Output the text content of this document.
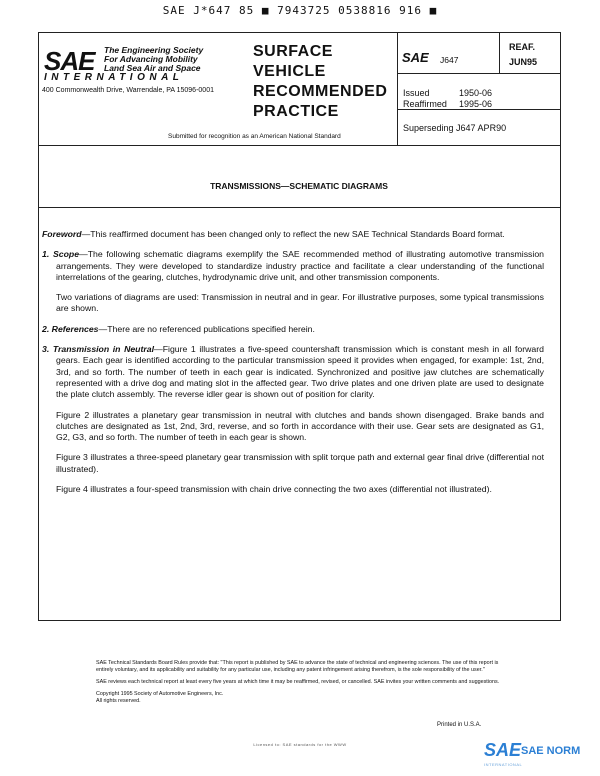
SAE J*647 85 ■ 7943725 0538816 916 ■
SAE The Engineering Society
For Advancing Mobility
Land Sea Air and Space
INTERNATIONAL
400 Commonwealth Drive, Warrendale, PA 15096-0001
SURFACE
VEHICLE
RECOMMENDED
PRACTICE
Submitted for recognition as an American National Standard
SAE J647
REAF.
JUN95
Issued	1950-06
Reaffirmed 1995-06
Superseding J647 APR90
TRANSMISSIONS—SCHEMATIC DIAGRAMS

Foreword—This reaffirmed document has been changed only to reflect the new SAE Technical Standards Board format.

1. Scope—The following schematic diagrams exemplify the SAE recommended method of illustrating automotive transmission arrangements. They were developed to standardize industry practice and facilitate a clear understanding of the functional interrelations of the gearing, clutches, hydrodynamic drive unit, and other transmission components.

Two variations of diagrams are used: Transmission in neutral and in gear. For illustrative purposes, some typical transmissions are shown.

2. References—There are no referenced publications specified herein.

3. Transmission in Neutral—Figure 1 illustrates a five-speed countershaft transmission which is constant mesh in all forward gears. Each gear is identified according to the particular transmission speed it provides when engaged, for example: 1st, 2nd, 3rd, and so forth. The number of teeth in each gear is indicated. Synchronized and positive jaw clutches are schematically represented with a drive dog and mating slot in the affected gear. Two drive plates and one driven plate are used to designate the plate clutch assembly. The reverse idler gear is shown out of position for clarity.

Figure 2 illustrates a planetary gear transmission in neutral with clutches and bands shown disengaged. Brake bands and clutches are designated as 1st, 2nd, 3rd, reverse, and so forth in accordance with their use. Gear sets are designated as G1, G2, G3, and so forth. The number of teeth in each gear is shown.

Figure 3 illustrates a three-speed planetary gear transmission with split torque path and external gear final drive (differential not illustrated).

Figure 4 illustrates a four-speed transmission with chain drive connecting the two axes (differential not illustrated).

SAE Technical Standards Board Rules provide that: "This report is published by SAE to advance the state of technical and engineering sciences. The use of this report is entirely voluntary, and its applicability and suitability for any particular use, including any patent infringement arising therefrom, is the sole responsibility of the user."

SAE reviews each technical report at least every five years at which time it may be reaffirmed, revised, or cancelled. SAE invites your written comments and suggestions.

Copyright 1995 Society of Automotive Engineers, Inc.
All rights reserved.
Printed in U.S.A.
Licensed to: SAE standards for the WWW	SAE SAE NORM
INTERNATIONAL
